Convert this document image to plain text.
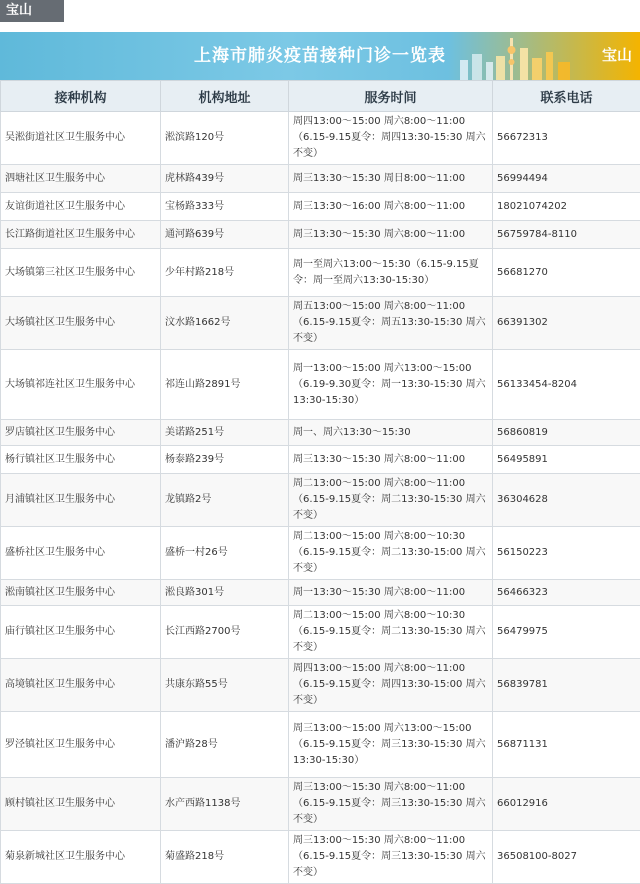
宝山
上海市肺炎疫苗接种门诊一览表	宝山
接种机构	机构地址	服务时间	联系电话
吴淞街道社区卫生服务中心	淞滨路120号	周四13:00～15:00 周六8:00～11:00（6.15-9.15夏令：周四13:30-15:30 周六不变）	56672313
泗塘社区卫生服务中心	虎林路439号	周三13:30～15:30 周日8:00～11:00	56994494
友谊街道社区卫生服务中心	宝杨路333号	周三13:30～16:00 周六8:00～11:00	18021074202
长江路街道社区卫生服务中心	通河路639号	周三13:30～15:30 周六8:00～11:00	56759784-8110
大场镇第三社区卫生服务中心	少年村路218号	周一至周六13:00～15:30（6.15-9.15夏令：周一至周六13:30-15:30）	56681270
大场镇社区卫生服务中心	汶水路1662号	周五13:00～15:00 周六8:00～11:00（6.15-9.15夏令：周五13:30-15:30 周六不变）	66391302
大场镇祁连社区卫生服务中心	祁连山路2891号	周一13:00～15:00 周六13:00～15:00（6.19-9.30夏令：周一13:30-15:30 周六13:30-15:30）	56133454-8204
罗店镇社区卫生服务中心	美诺路251号	周一、周六13:30～15:30	56860819
杨行镇社区卫生服务中心	杨泰路239号	周三13:30～15:30 周六8:00～11:00	56495891
月浦镇社区卫生服务中心	龙镇路2号	周二13:00～15:00 周六8:00～11:00（6.15-9.15夏令：周二13:30-15:30 周六不变）	36304628
盛桥社区卫生服务中心	盛桥一村26号	周二13:00～15:00 周六8:00～10:30（6.15-9.15夏令：周二13:30-15:00 周六不变）	56150223
淞南镇社区卫生服务中心	淞良路301号	周一13:30～15:30 周六8:00～11:00	56466323
庙行镇社区卫生服务中心	长江西路2700号	周二13:00～15:00 周六8:00～10:30（6.15-9.15夏令：周二13:30-15:30 周六不变）	56479975
高境镇社区卫生服务中心	共康东路55号	周四13:00～15:00 周六8:00～11:00（6.15-9.15夏令：周四13:30-15:00 周六不变）	56839781
罗泾镇社区卫生服务中心	潘沪路28号	周三13:00～15:00 周六13:00～15:00（6.15-9.15夏令：周三13:30-15:30 周六 13:30-15:30）	56871131
顾村镇社区卫生服务中心	水产西路1138号	周三13:00～15:30 周六8:00～11:00（6.15-9.15夏令：周三13:30-15:30 周六不变）	66012916
菊泉新城社区卫生服务中心	菊盛路218号	周三13:00～15:30 周六8:00～11:00（6.15-9.15夏令：周三13:30-15:30 周六不变）	36508100-8027
